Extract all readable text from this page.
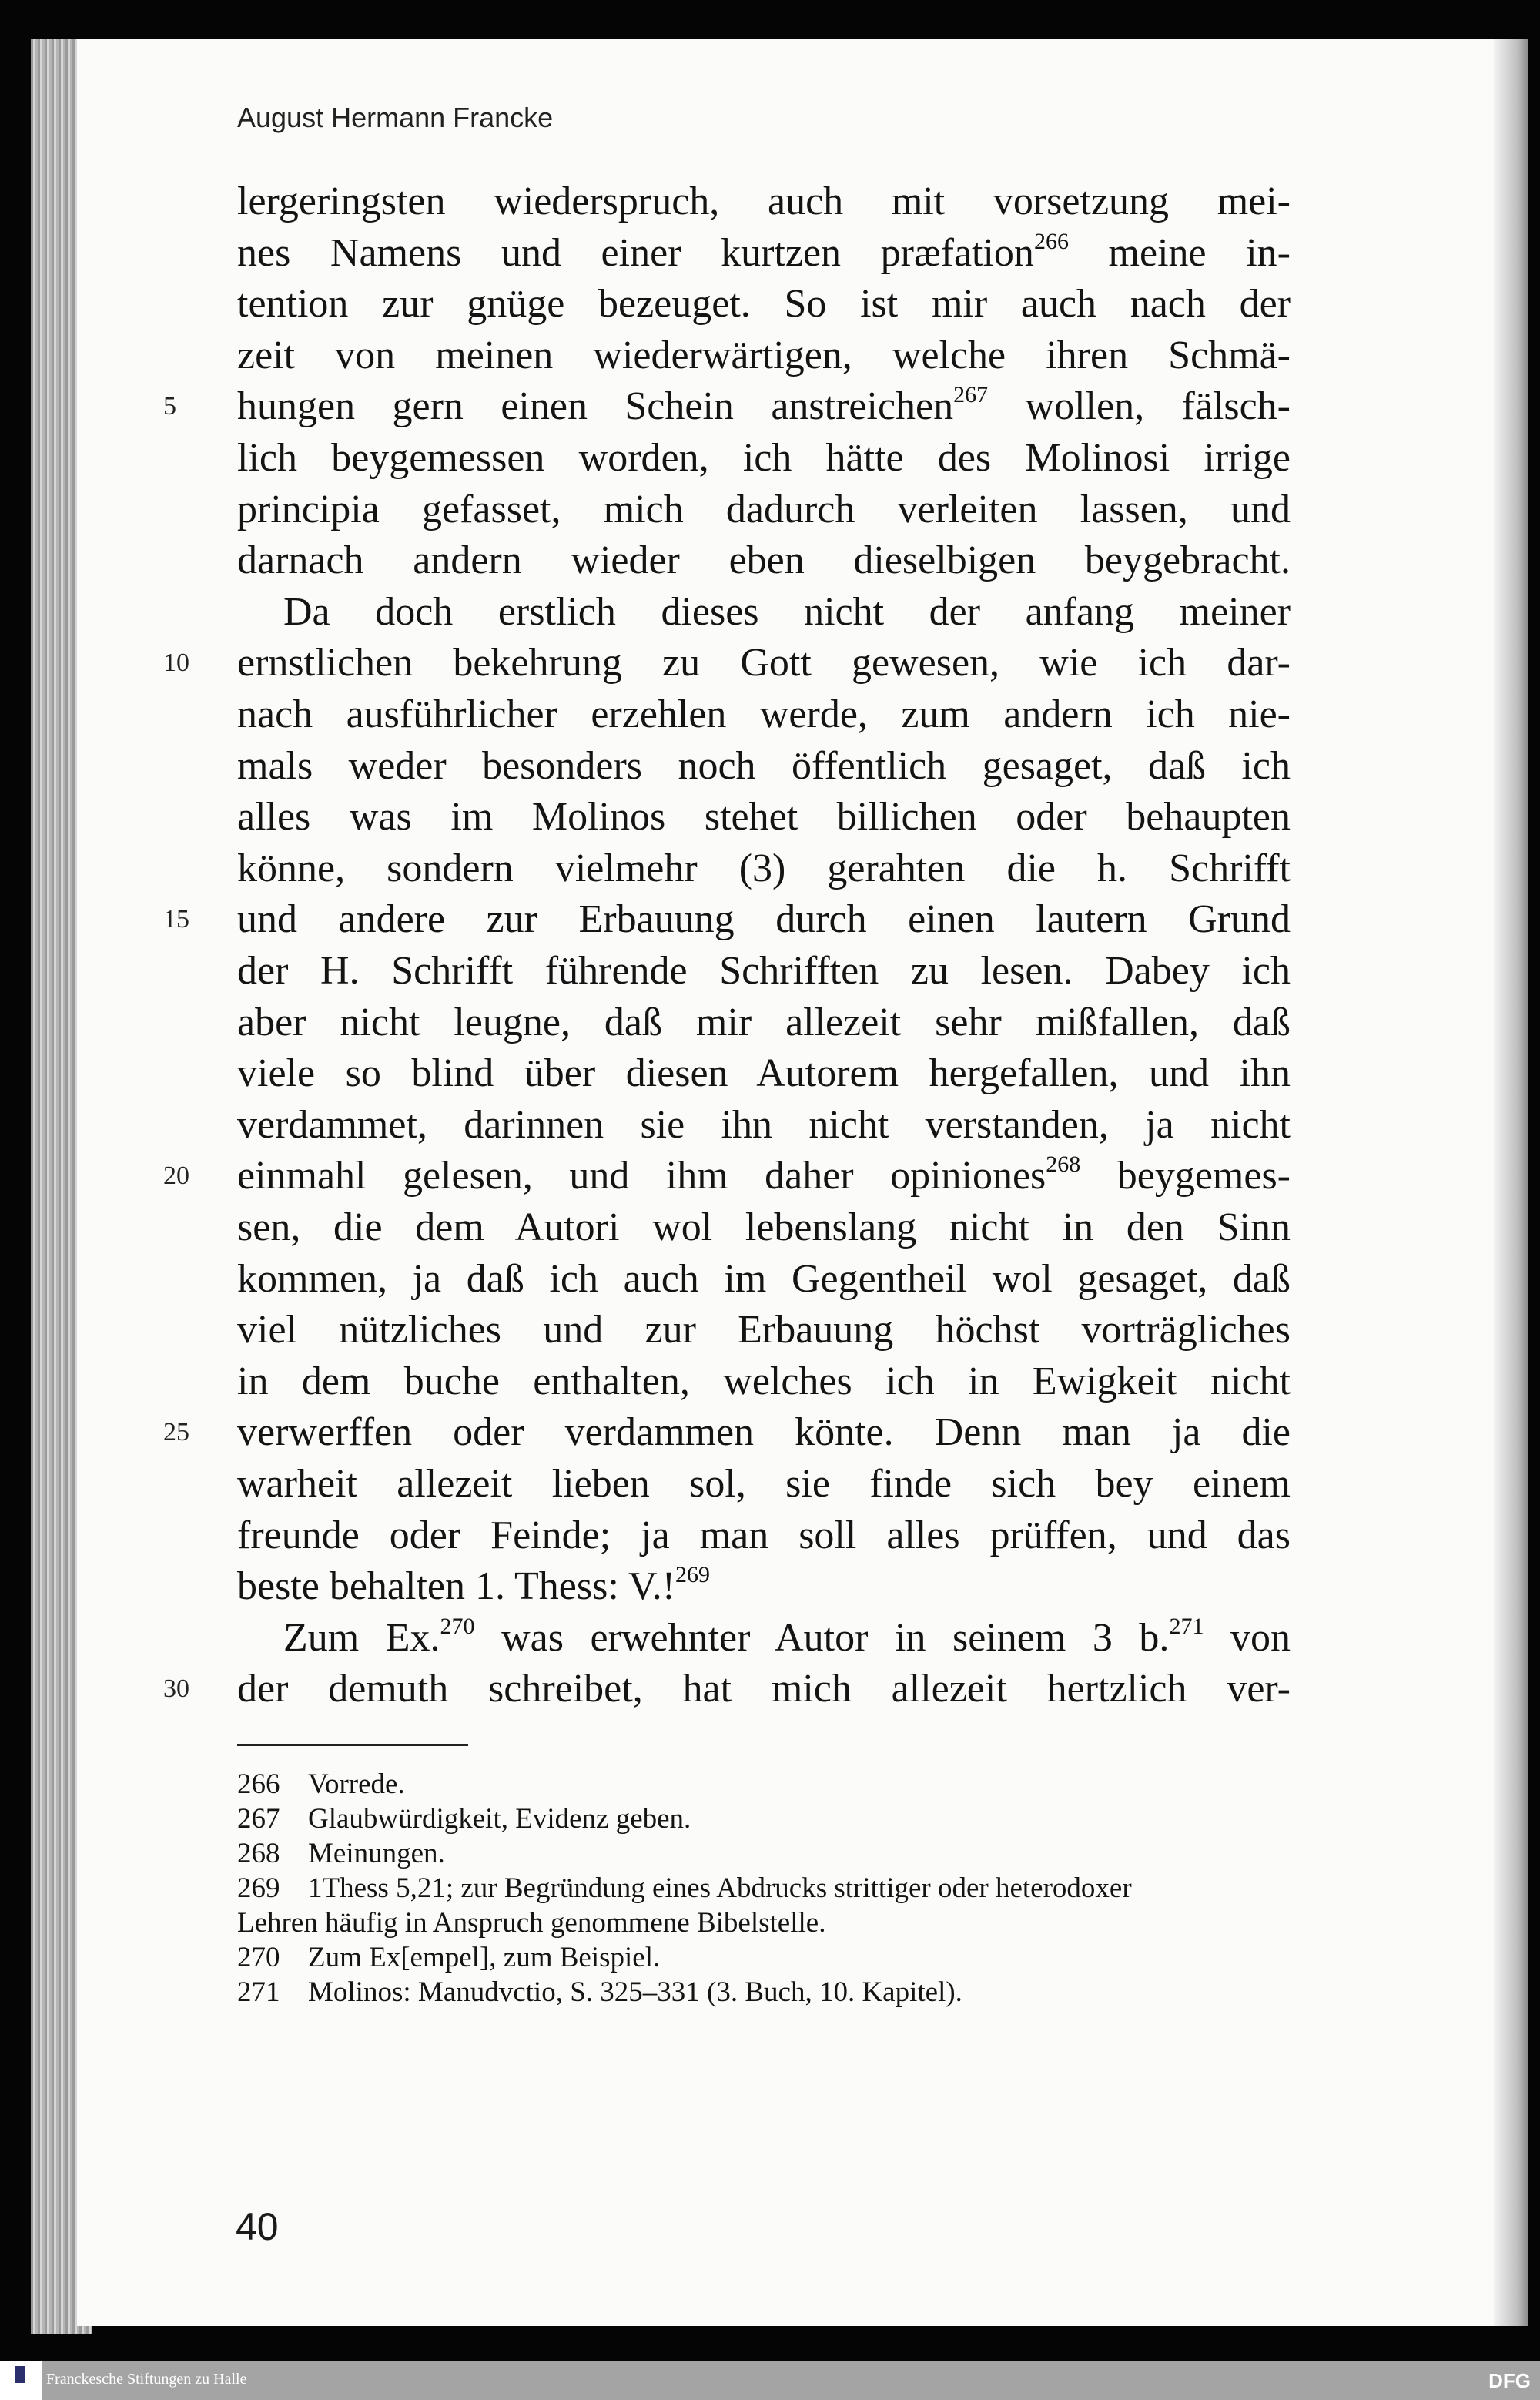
August Hermann Francke
lergeringsten wiederspruch, auch mit vorsetzung mei-
nes Namens und einer kurtzen præfation$^{266}$ meine in-
tention zur gnüge bezeuget. So ist mir auch nach der
zeit von meinen wiederwärtigen, welche ihren Schmä-
hungen gern einen Schein anstreichen$^{267}$ wollen, fälsch-
5
lich beygemessen worden, ich hätte des Molinosi irrige
principia gefasset, mich dadurch verleiten lassen, und
darnach andern wieder eben dieselbigen beygebracht.
Da doch erstlich dieses nicht der anfang meiner
ernstlichen bekehrung zu Gott gewesen, wie ich dar-
10
nach ausführlicher erzehlen werde, zum andern ich nie-
mals weder besonders noch öffentlich gesaget, daß ich
alles was im Molinos stehet billichen oder behaupten
könne, sondern vielmehr (3) gerahten die h. Schrifft
und andere zur Erbauung durch einen lautern Grund
15
der H. Schrifft führende Schrifften zu lesen. Dabey ich
aber nicht leugne, daß mir allezeit sehr mißfallen, daß
viele so blind über diesen Autorem hergefallen, und ihn
verdammet, darinnen sie ihn nicht verstanden, ja nicht
einmahl gelesen, und ihm daher opiniones$^{268}$ beygemes-
20
sen, die dem Autori wol lebenslang nicht in den Sinn
kommen, ja daß ich auch im Gegentheil wol gesaget, daß
viel nützliches und zur Erbauung höchst vorträgliches
in dem buche enthalten, welches ich in Ewigkeit nicht
verwerffen oder verdammen könte. Denn man ja die
25
warheit allezeit lieben sol, sie finde sich bey einem
freunde oder Feinde; ja man soll alles prüffen, und das
beste behalten 1. Thess: V.!$^{269}$
Zum Ex.$^{270}$ was erwehnter Autor in seinem 3 b.$^{271}$ von
der demuth schreibet, hat mich allezeit hertzlich ver-
30
266 Vorrede.
267 Glaubwürdigkeit, Evidenz geben.
268 Meinungen.
269 1Thess 5,21; zur Begründung eines Abdrucks strittiger oder heterodoxer
Lehren häufig in Anspruch genommene Bibelstelle.
270 Zum Ex[empel], zum Beispiel.
271 Molinos: Manudvctio, S. 325–331 (3. Buch, 10. Kapitel).
40
Franckesche Stiftungen zu Halle	DFG
